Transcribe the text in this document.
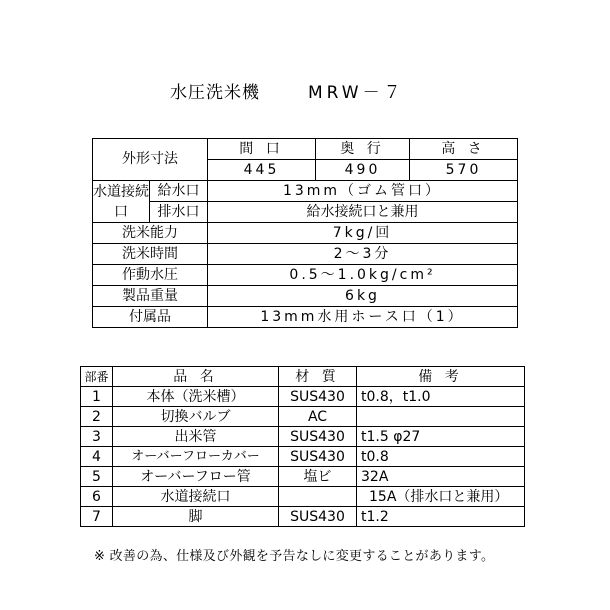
水圧洗米機	MRW－７
外形寸法		間 口	奥 行	高 さ
		445	490	570
水道接続口	給水口	13mm（ゴム管口）		
	排水口	給水接続口と兼用		
洗米能力		7kg/回		
洗米時間		2～3分		
作動水圧		0.5～1.0kg/cm²		
製品重量		6kg		
付属品		13mm水用ホース口（1）		
部番	品 名	材 質	備 考
1	本体（洗米槽）	SUS430	t0.8，t1.0
2	切換バルブ	AC	
3	出米管	SUS430	t1.5 φ27
4	オーバーフローカバー	SUS430	t0.8
5	オーバーフロー管	塩ビ	32A
6	水道接続口		15A（排水口と兼用）
7	脚	SUS430	t1.2
※ 改善の為、仕様及び外観を予告なしに変更することがあります。
